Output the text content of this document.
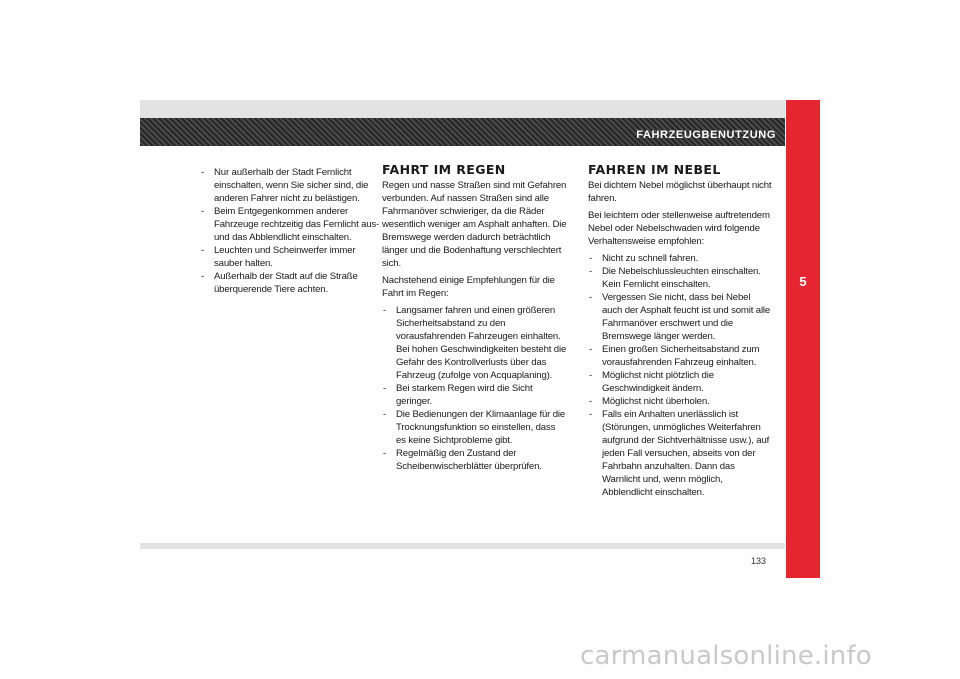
FAHRZEUGBENUTZUNG
5
- Nur außerhalb der Stadt Fernlicht einschalten, wenn Sie sicher sind, die anderen Fahrer nicht zu belästigen.
- Beim Entgegenkommen anderer Fahrzeuge rechtzeitig das Fernlicht aus- und das Abblendlicht einschalten.
- Leuchten und Scheinwerfer immer sauber halten.
- Außerhalb der Stadt auf die Straße überquerende Tiere achten.
FAHRT IM REGEN

Regen und nasse Straßen sind mit Gefahren verbunden. Auf nassen Straßen sind alle Fahrmanöver schwieriger, da die Räder wesentlich weniger am Asphalt anhaften. Die Bremswege werden dadurch beträchtlich länger und die Bodenhaftung verschlechtert sich.

Nachstehend einige Empfehlungen für die Fahrt im Regen:

- Langsamer fahren und einen größeren Sicherheitsabstand zu den vorausfahrenden Fahrzeugen einhalten. Bei hohen Geschwindigkeiten besteht die Gefahr des Kontrollverlusts über das Fahrzeug (zufolge von Acquaplaning).
- Bei starkem Regen wird die Sicht geringer.
- Die Bedienungen der Klimaanlage für die Trocknungsfunktion so einstellen, dass es keine Sichtprobleme gibt.
- Regelmäßig den Zustand der Scheibenwischerblätter überprüfen.
FAHREN IM NEBEL

Bei dichtem Nebel möglichst überhaupt nicht fahren.

Bei leichtem oder stellenweise auftretendem Nebel oder Nebelschwaden wird folgende Verhaltensweise empfohlen:

- Nicht zu schnell fahren.
- Die Nebelschlussleuchten einschalten. Kein Fernlicht einschalten.
- Vergessen Sie nicht, dass bei Nebel auch der Asphalt feucht ist und somit alle Fahrmanöver erschwert und die Bremswege länger werden.
- Einen großen Sicherheitsabstand zum vorausfahrenden Fahrzeug einhalten.
- Möglichst nicht plötzlich die Geschwindigkeit ändern.
- Möglichst nicht überholen.
- Falls ein Anhalten unerlässlich ist (Störungen, unmögliches Weiterfahren aufgrund der Sichtverhältnisse usw.), auf jeden Fall versuchen, abseits von der Fahrbahn anzuhalten. Dann das Warnlicht und, wenn möglich, Abblendlicht einschalten.
133
carmanualsonline.info
